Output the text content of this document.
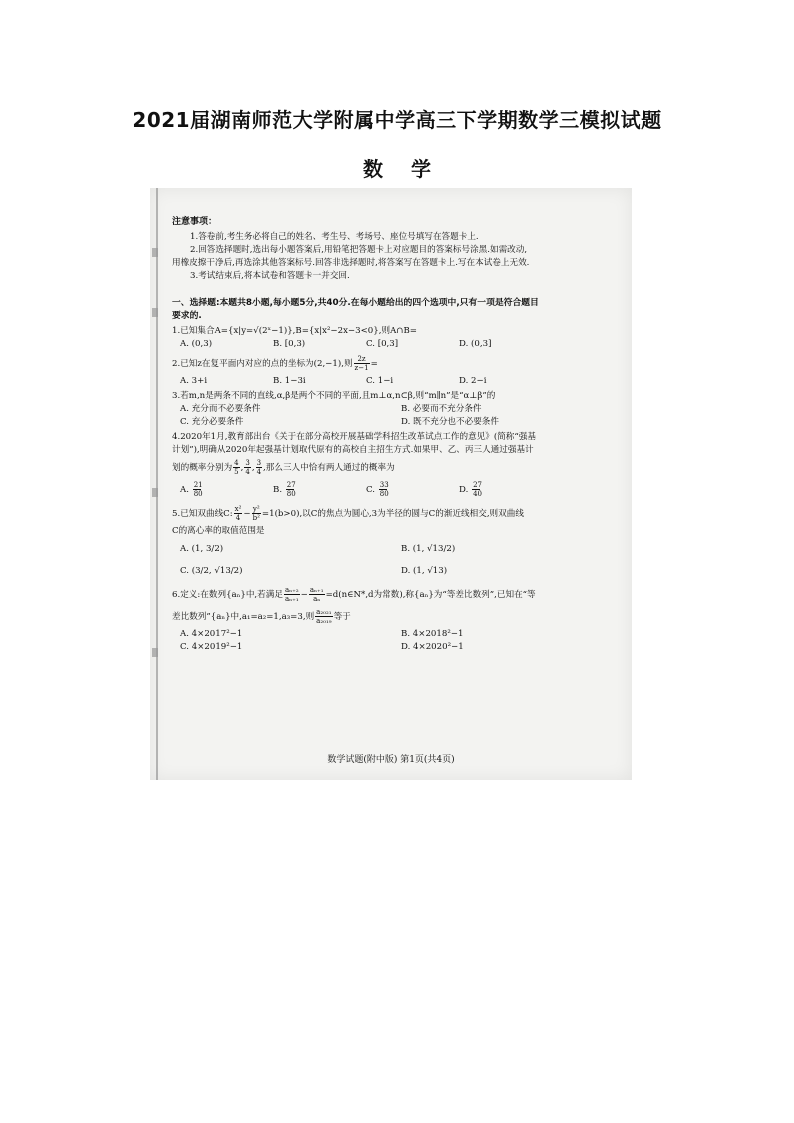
2021届湖南师范大学附属中学高三下学期数学三模拟试题
数学
注意事项：
1.答卷前,考生务必将自己的姓名、考生号、考场号、座位号填写在答题卡上.
2.回答选择题时,选出每小题答案后,用铅笔把答题卡上对应题目的答案标号涂黑.如需改动,
用橡皮擦干净后,再选涂其他答案标号.回答非选择题时,将答案写在答题卡上.写在本试卷上无效.
3.考试结束后,将本试卷和答题卡一并交回.
一、选择题:本题共8小题,每小题5分,共40分.在每小题给出的四个选项中,只有一项是符合题目
要求的.
1.已知集合A={x|y=√(2ˣ−1)},B={x|x²−2x−3<0},则A∩B=
A. (0,3)	B. [0,3)	C. [0,3]	D. (0,3]
2.已知z在复平面内对应的点的坐标为(2,−1),则 $\frac{2z}{z-1}$ =
A. 3+i	B. 1−3i	C. 1−i	D. 2−i
3.若m,n是两条不同的直线,α,β是两个不同的平面,且m⊥α,n⊂β,则“m∥n”是“α⊥β”的
A. 充分而不必要条件	B. 必要而不充分条件
C. 充分必要条件	D. 既不充分也不必要条件
4.2020年1月,教育部出台《关于在部分高校开展基础学科招生改革试点工作的意见》(简称“强基
计划”),明确从2020年起强基计划取代原有的高校自主招生方式.如果甲、乙、丙三人通过强基计
划的概率分别为 $\frac{4}{5}$ , $\frac{3}{4}$ , $\frac{3}{4}$ ,那么三人中恰有两人通过的概率为
A. $\frac{21}{80}$	B. $\frac{27}{80}$	C. $\frac{33}{80}$	D. $\frac{27}{40}$
5.已知双曲线C: $\frac{\text{x²}}{4} - \frac{\text{y²}}{\text{b²}} =1(b>0)$,以C的焦点为圆心,3为半径的圆与C的渐近线相交,则双曲线
C的离心率的取值范围是
A. (1, 3/2)	B. (1, √13/2)
C. (3/2, √13/2)	D. (1, √13)
6.定义:在数列{aₙ}中,若满足 $\frac{\text{aₙ₊₂}}{\text{aₙ₊₁}} - \frac{\text{aₙ₊₁}}{\text{aₙ}}$ =d(n∈N*,d为常数),称{aₙ}为“等差比数列”,已知在“等
差比数列”{aₙ}中,a₁=a₂=1,a₃=3,则 $\frac{\text{a₂₀₂₁}}{\text{a₂₀₁₉}}$ 等于
A. 4×2017²−1	B. 4×2018²−1
C. 4×2019²−1	D. 4×2020²−1
数学试题(附中版) 第1页(共4页)
